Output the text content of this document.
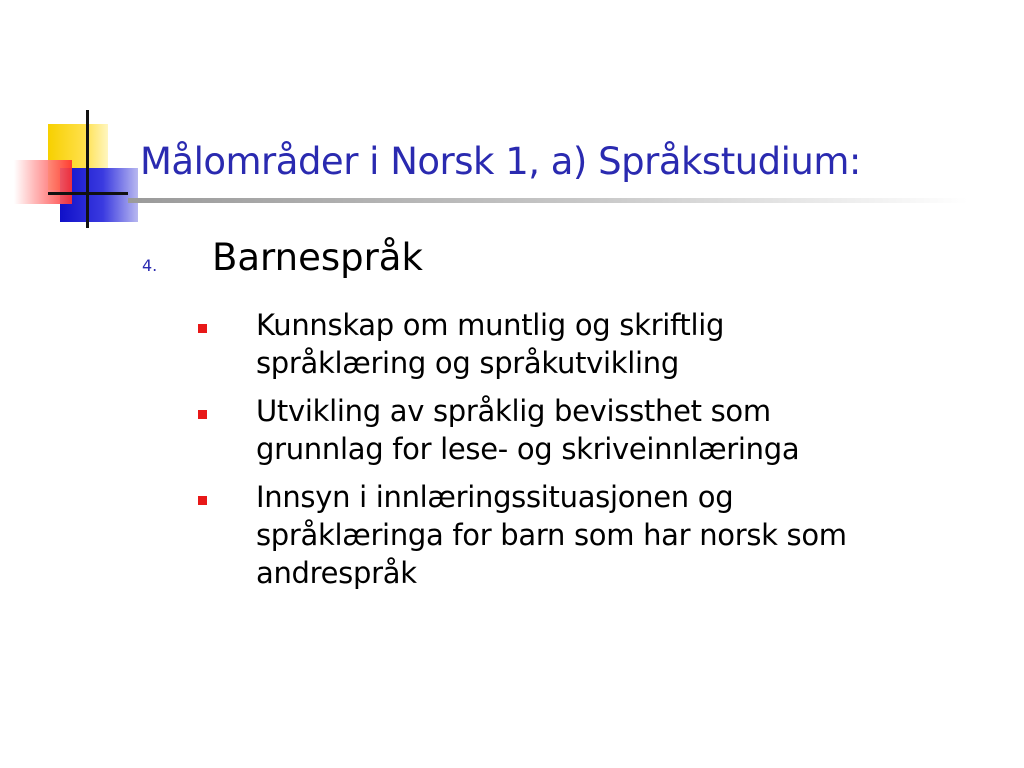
Målområder i Norsk 1, a) Språkstudium:
4. Barnespråk
Kunnskap om muntlig og skriftlig
språklæring og språkutvikling
Utvikling av språklig bevissthet som
grunnlag for lese- og skriveinnlæringa
Innsyn i innlæringssituasjonen og
språklæringa for barn som har norsk som
andrespråk
